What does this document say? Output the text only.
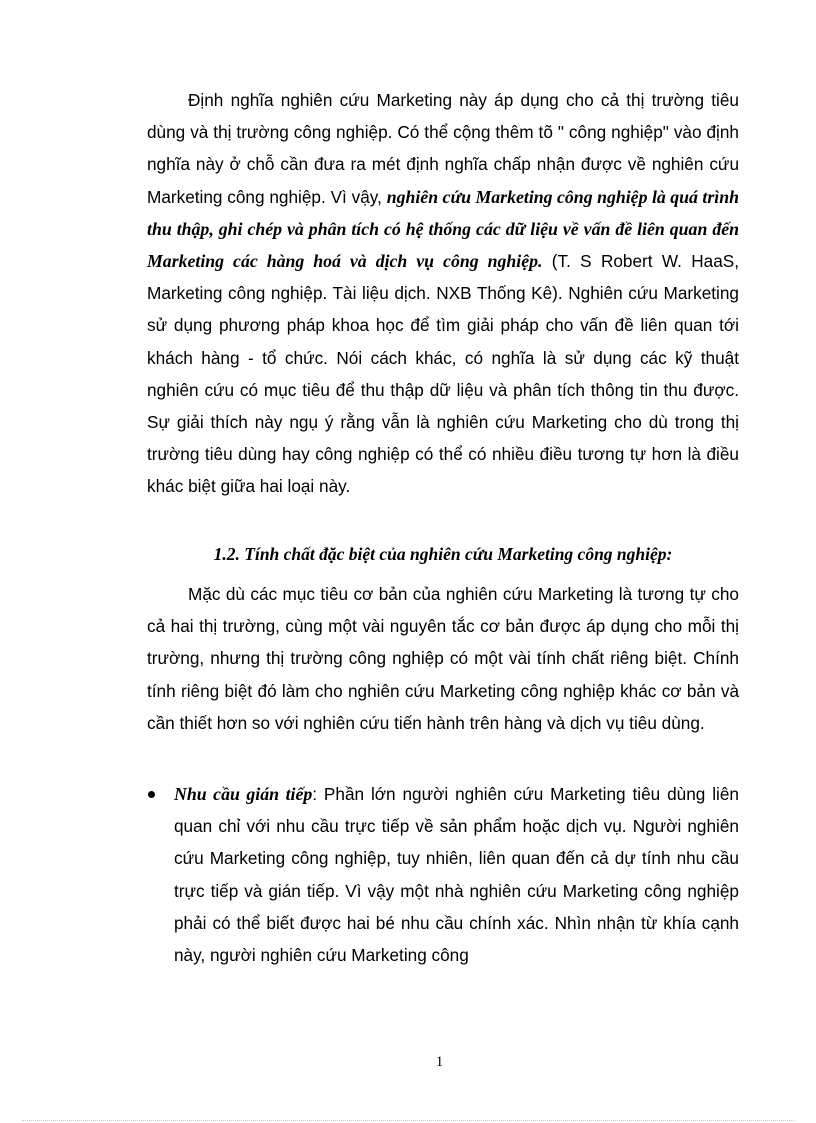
Định nghĩa nghiên cứu Marketing này áp dụng cho cả thị trường tiêu dùng và thị trường công nghiệp. Có thể cộng thêm tõ " công nghiệp" vào định nghĩa này ở chỗ cần đưa ra mét định nghĩa chấp nhận được về nghiên cứu Marketing công nghiệp. Vì vậy, nghiên cứu Marketing công nghiệp là quá trình thu thập, ghi chép và phân tích có hệ thống các dữ liệu về vấn đề liên quan đến Marketing các hàng hoá và dịch vụ công nghiệp. (T. S Robert W. HaaS, Marketing công nghiệp. Tài liệu dịch. NXB Thống Kê). Nghiên cứu Marketing sử dụng phương pháp khoa học để tìm giải pháp cho vấn đề liên quan tới khách hàng - tổ chức. Nói cách khác, có nghĩa là sử dụng các kỹ thuật nghiên cứu có mục tiêu để thu thập dữ liệu và phân tích thông tin thu được. Sự giải thích này ngụ ý rằng vẫn là nghiên cứu Marketing cho dù trong thị trường tiêu dùng hay công nghiệp có thể có nhiều điều tương tự hơn là điều khác biệt giữa hai loại này.

1.2. Tính chất đặc biệt của nghiên cứu Marketing công nghiệp:

Mặc dù các mục tiêu cơ bản của nghiên cứu Marketing là tương tự cho cả hai thị trường, cùng một vài nguyên tắc cơ bản được áp dụng cho mỗi thị trường, nhưng thị trường công nghiệp có một vài tính chất riêng biệt. Chính tính riêng biệt đó làm cho nghiên cứu Marketing công nghiệp khác cơ bản và cần thiết hơn so với nghiên cứu tiến hành trên hàng và dịch vụ tiêu dùng.

Nhu cầu gián tiếp: Phần lớn người nghiên cứu Marketing tiêu dùng liên quan chỉ với nhu cầu trực tiếp về sản phẩm hoặc dịch vụ. Người nghiên cứu Marketing công nghiệp, tuy nhiên, liên quan đến cả dự tính nhu cầu trực tiếp và gián tiếp. Vì vậy một nhà nghiên cứu Marketing công nghiệp phải có thể biết được hai bé nhu cầu chính xác. Nhìn nhận từ khía cạnh này, người nghiên cứu Marketing công

1
